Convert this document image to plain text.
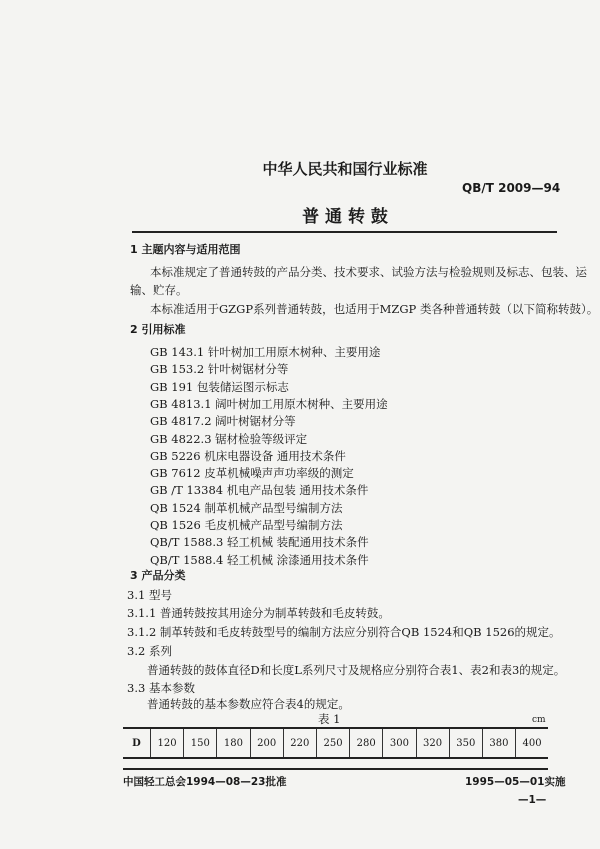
中华人民共和国行业标准
QB/T 2009—94
普 通 转 鼓
1 主题内容与适用范围
本标准规定了普通转鼓的产品分类、技术要求、试验方法与检验规则及标志、包装、运
输、贮存。
本标准适用于GZGP系列普通转鼓，也适用于MZGP 类各种普通转鼓（以下简称转鼓）。
2 引用标准
GB 143.1 针叶树加工用原木树种、主要用途
GB 153.2 针叶树锯材分等
GB 191 包装储运图示标志
GB 4813.1 阔叶树加工用原木树种、主要用途
GB 4817.2 阔叶树锯材分等
GB 4822.3 锯材检验等级评定
GB 5226 机床电器设备 通用技术条件
GB 7612 皮革机械噪声声功率级的测定
GB /T 13384 机电产品包装 通用技术条件
QB 1524 制革机械产品型号编制方法
QB 1526 毛皮机械产品型号编制方法
QB/T 1588.3 轻工机械 装配通用技术条件
QB/T 1588.4 轻工机械 涂漆通用技术条件
3 产品分类
3.1 型号
3.1.1 普通转鼓按其用途分为制革转鼓和毛皮转鼓。
3.1.2 制革转鼓和毛皮转鼓型号的编制方法应分别符合QB 1524和QB 1526的规定。
3.2 系列
普通转鼓的鼓体直径D和长度L系列尺寸及规格应分别符合表1、表2和表3的规定。
3.3 基本参数
普通转鼓的基本参数应符合表4的规定。
表 1	cm
D	120	150	180	200	220	250	280	300	320	350	380	400
中国轻工总会1994—08—23批准	1995—05—01实施
—1—
